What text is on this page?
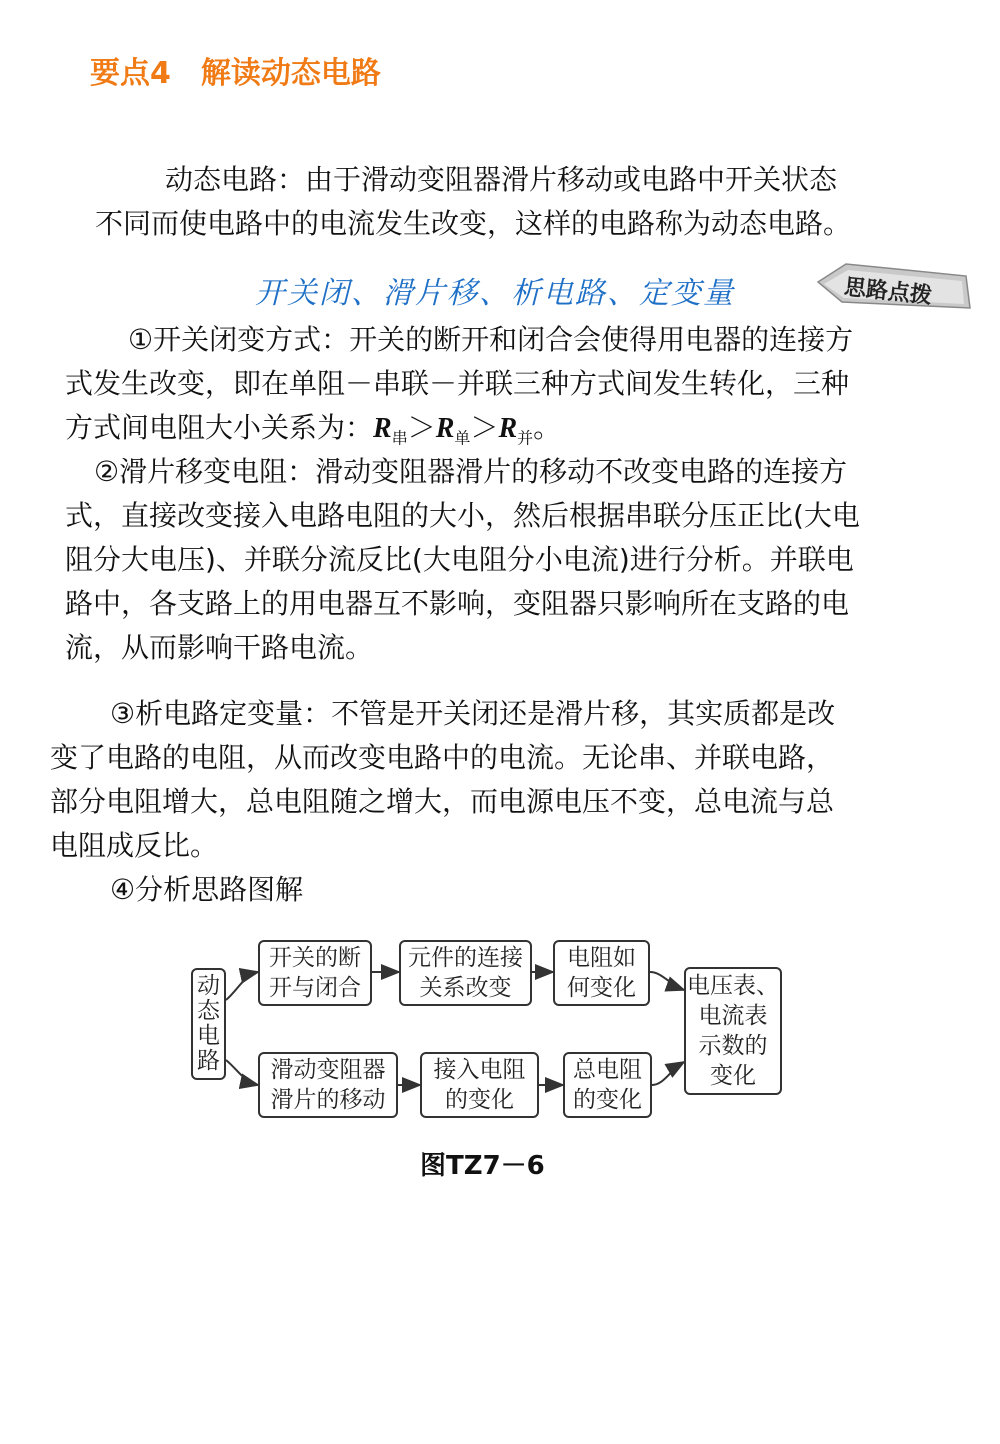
要点4　解读动态电路
动态电路：由于滑动变阻器滑片移动或电路中开关状态
不同而使电路中的电流发生改变，这样的电路称为动态电路。
开关闭、滑片移、析电路、定变量	思路点拨
①开关闭变方式：开关的断开和闭合会使得用电器的连接方
式发生改变，即在单阻－串联－并联三种方式间发生转化，三种
方式间电阻大小关系为：$R_串>R_单>R_并$。
②滑片移变电阻：滑动变阻器滑片的移动不改变电路的连接方
式，直接改变接入电路电阻的大小，然后根据串联分压正比(大电
阻分大电压)、并联分流反比(大电阻分小电流)进行分析。并联电
路中，各支路上的用电器互不影响，变阻器只影响所在支路的电
流，从而影响干路电流。
③析电路定变量：不管是开关闭还是滑片移，其实质都是改
变了电路的电阻，从而改变电路中的电流。无论串、并联电路，
部分电阻增大，总电阻随之增大，而电源电压不变，总电流与总
电阻成反比。
④分析思路图解
动
态
电
路
开关的断
开与闭合
元件的连接
关系改变
电阻如
何变化
滑动变阻器
滑片的移动
接入电阻
的变化
总电阻
的变化
电压表、
电流表
示数的
变化
图TZ7－6
